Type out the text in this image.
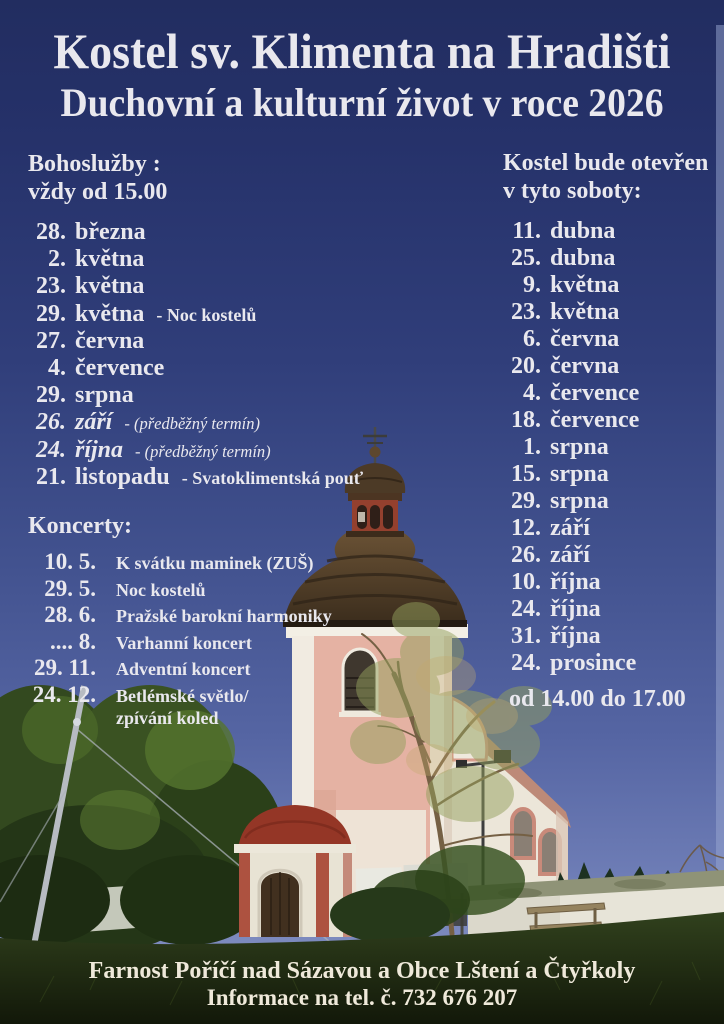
Kostel sv. Klimenta na Hradišti
Duchovní a kulturní život v roce 2026
Bohoslužby :
vždy od 15.00
28. března
2. května
23. května
29. května - Noc kostelů
27. června
4. července
29. srpna
26. září - (předběžný termín)
24. října - (předběžný termín)
21. listopadu - Svatoklimentská pouť
Koncerty:
10. 5. K svátku maminek (ZUŠ)
29. 5. Noc kostelů
28. 6. Pražské barokní harmoniky
.... 8. Varhanní koncert
29. 11. Adventní koncert
24. 12. Betlémské světlo/
zpívání koled
Kostel bude otevřen
v tyto soboty:
11. dubna
25. dubna
9. května
23. května
6. června
20. června
4. července
18. července
1. srpna
15. srpna
29. srpna
12. září
26. září
10. října
24. října
31. října
24. prosince
od 14.00 do 17.00
Farnost Poříčí nad Sázavou a Obce Lštení a Čtyřkoly
Informace na tel. č. 732 676 207
